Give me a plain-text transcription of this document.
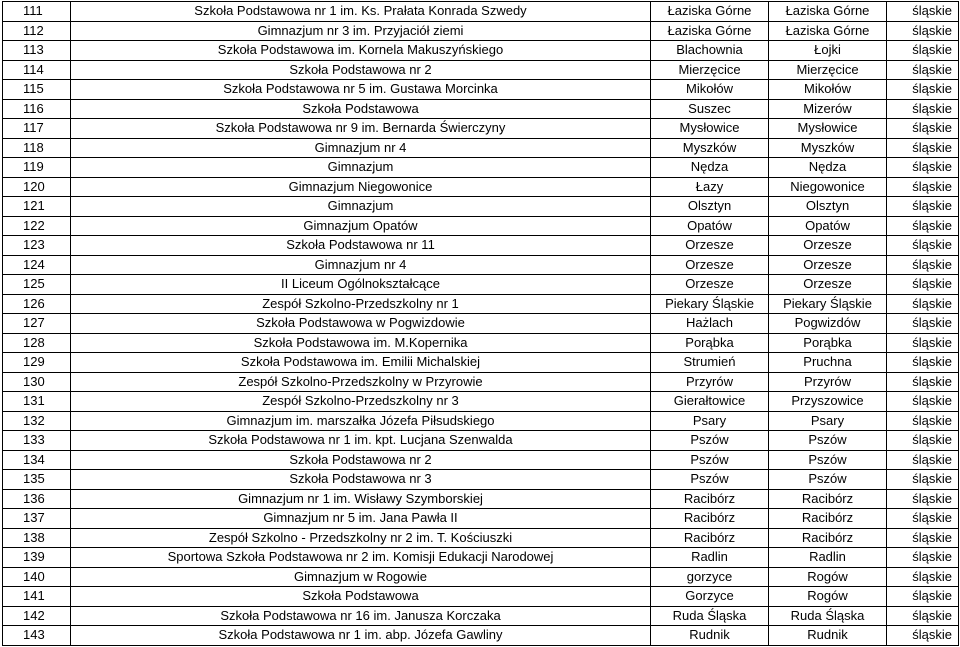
111	Szkoła Podstawowa nr 1 im. Ks. Prałata Konrada Szwedy	Łaziska Górne	Łaziska Górne	śląskie
112	Gimnazjum nr 3 im. Przyjaciół ziemi	Łaziska Górne	Łaziska Górne	śląskie
113	Szkoła Podstawowa im. Kornela Makuszyńskiego	Blachownia	Łojki	śląskie
114	Szkoła Podstawowa nr 2	Mierzęcice	Mierzęcice	śląskie
115	Szkoła Podstawowa nr 5 im. Gustawa Morcinka	Mikołów	Mikołów	śląskie
116	Szkoła Podstawowa	Suszec	Mizerów	śląskie
117	Szkoła Podstawowa nr 9 im. Bernarda Świerczyny	Mysłowice	Mysłowice	śląskie
118	Gimnazjum nr 4	Myszków	Myszków	śląskie
119	Gimnazjum	Nędza	Nędza	śląskie
120	Gimnazjum Niegowonice	Łazy	Niegowonice	śląskie
121	Gimnazjum	Olsztyn	Olsztyn	śląskie
122	Gimnazjum Opatów	Opatów	Opatów	śląskie
123	Szkoła Podstawowa nr 11	Orzesze	Orzesze	śląskie
124	Gimnazjum nr 4	Orzesze	Orzesze	śląskie
125	II Liceum Ogólnokształcące	Orzesze	Orzesze	śląskie
126	Zespół Szkolno-Przedszkolny nr 1	Piekary Śląskie	Piekary Śląskie	śląskie
127	Szkoła Podstawowa w Pogwizdowie	Hażlach	Pogwizdów	śląskie
128	Szkoła Podstawowa im. M.Kopernika	Porąbka	Porąbka	śląskie
129	Szkoła Podstawowa im. Emilii Michalskiej	Strumień	Pruchna	śląskie
130	Zespół Szkolno-Przedszkolny w Przyrowie	Przyrów	Przyrów	śląskie
131	Zespół Szkolno-Przedszkolny nr 3	Gierałtowice	Przyszowice	śląskie
132	Gimnazjum im. marszałka Józefa Piłsudskiego	Psary	Psary	śląskie
133	Szkoła Podstawowa nr 1 im. kpt. Lucjana Szenwalda	Pszów	Pszów	śląskie
134	Szkoła Podstawowa nr 2	Pszów	Pszów	śląskie
135	Szkoła Podstawowa nr 3	Pszów	Pszów	śląskie
136	Gimnazjum nr 1 im. Wisławy Szymborskiej	Racibórz	Racibórz	śląskie
137	Gimnazjum nr 5 im. Jana Pawła II	Racibórz	Racibórz	śląskie
138	Zespół Szkolno - Przedszkolny nr 2 im. T. Kościuszki	Racibórz	Racibórz	śląskie
139	Sportowa Szkoła Podstawowa nr 2 im. Komisji Edukacji Narodowej	Radlin	Radlin	śląskie
140	Gimnazjum w Rogowie	gorzyce	Rogów	śląskie
141	Szkoła Podstawowa	Gorzyce	Rogów	śląskie
142	Szkoła Podstawowa nr 16 im. Janusza Korczaka	Ruda Śląska	Ruda Śląska	śląskie
143	Szkoła Podstawowa nr 1 im. abp. Józefa Gawliny	Rudnik	Rudnik	śląskie
